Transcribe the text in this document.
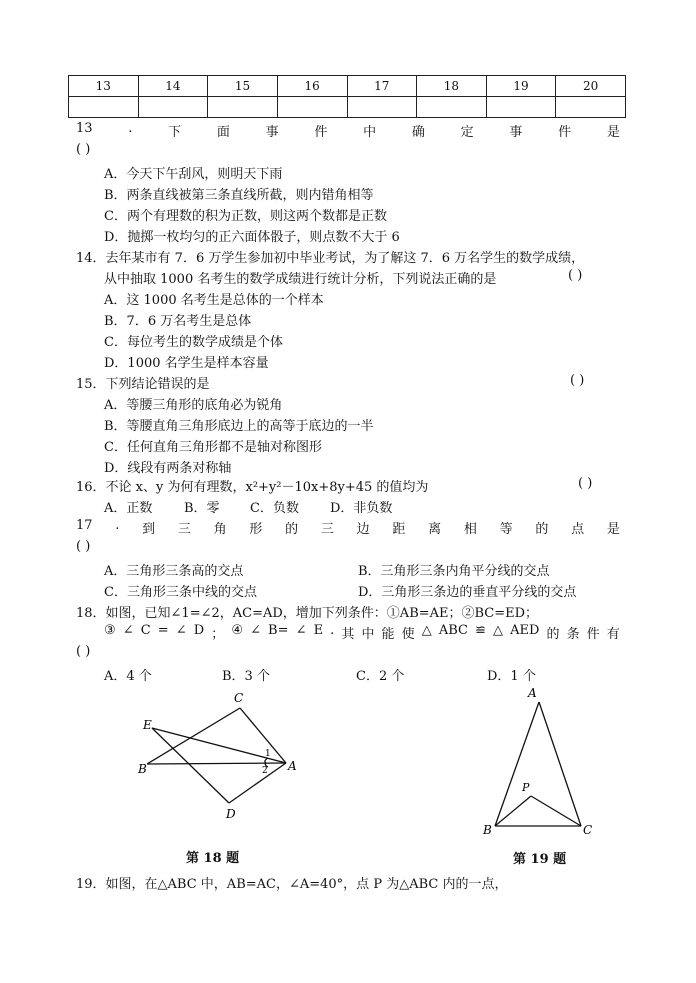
13	14	15	16	17	18	19	20

13	.	下	面	事	件	中	确	定	事	件	是
( )
A．今天下午刮风，则明天下雨
B．两条直线被第三条直线所截，则内错角相等
C．两个有理数的积为正数，则这两个数都是正数
D．抛掷一枚均匀的正六面体骰子，则点数不大于 6
14．去年某市有 7．6 万学生参加初中毕业考试，为了解这 7．6 万名学生的数学成绩，
从中抽取 1000 名考生的数学成绩进行统计分析，下列说法正确的是	( )
A．这 1000 名考生是总体的一个样本
B．7．6 万名考生是总体
C．每位考生的数学成绩是个体
D．1000 名学生是样本容量
15．下列结论错误的是	( )
A．等腰三角形的底角必为锐角
B．等腰直角三角形底边上的高等于底边的一半
C．任何直角三角形都不是轴对称图形
D．线段有两条对称轴
16．不论 x、y 为何有理数，x²+y²－10x+8y+45 的值均为	( )
A．正数 B．零 C．负数 D．非负数
17 . 到 三 角 形 的 三 边 距 离 相 等 的 点 是
( )
A．三角形三条高的交点	B．三角形三条内角平分线的交点
C．三角形三条中线的交点	D．三角形三条边的垂直平分线的交点
18．如图，已知∠1=∠2，AC=AD，增加下列条件：①AB=AE；②BC=ED；
③ ∠ C = ∠ D ； ④ ∠ B= ∠ E . 其 中 能 使 △ ABC ≌ △ AED 的 条 件 有
( )
A．4 个	B．3 个	C．2 个	D．1 个
C
E
B	A
D
1
2
第 18 题
A
P
B	C
第 19 题
19．如图，在△ABC 中，AB=AC，∠A=40°，点 P 为△ABC 内的一点，
